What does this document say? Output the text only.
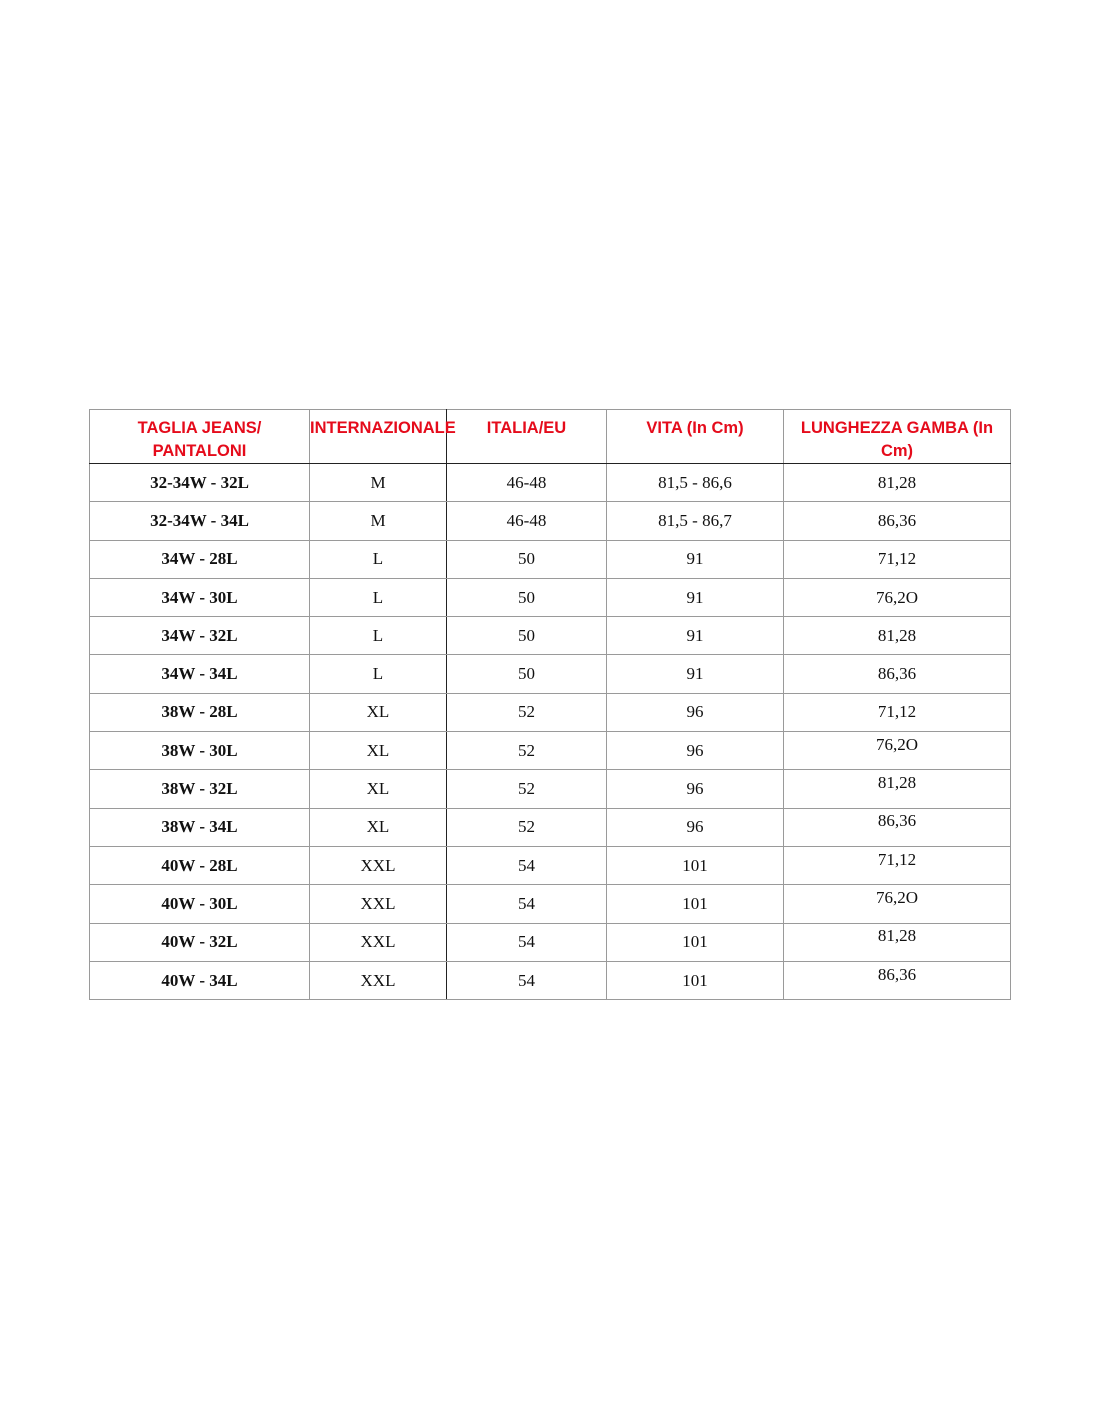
TAGLIA JEANS/ PANTALONI	INTERNAZIONALE	ITALIA/EU	VITA (In Cm)	LUNGHEZZA GAMBA (In Cm)
32-34W - 32L	M	46-48	81,5 - 86,6	81,28
32-34W - 34L	M	46-48	81,5 - 86,7	86,36
34W - 28L	L	50	91	71,12
34W - 30L	L	50	91	76,2O
34W - 32L	L	50	91	81,28
34W - 34L	L	50	91	86,36
38W - 28L	XL	52	96	71,12
38W - 30L	XL	52	96	76,2O
38W - 32L	XL	52	96	81,28
38W - 34L	XL	52	96	86,36
40W - 28L	XXL	54	101	71,12
40W - 30L	XXL	54	101	76,2O
40W - 32L	XXL	54	101	81,28
40W - 34L	XXL	54	101	86,36
